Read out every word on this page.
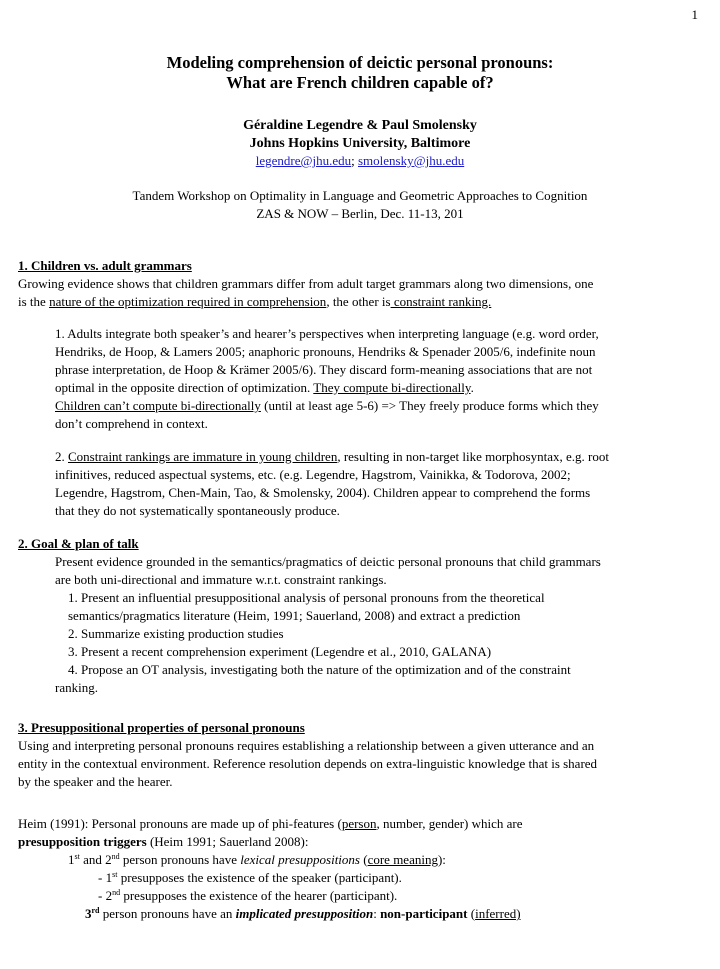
1
Modeling comprehension of deictic personal pronouns:
What are French children capable of?
Géraldine Legendre & Paul Smolensky
Johns Hopkins University, Baltimore
legendre@jhu.edu; smolensky@jhu.edu
Tandem Workshop on Optimality in Language and Geometric Approaches to Cognition
ZAS & NOW – Berlin, Dec. 11-13, 201
1. Children vs. adult grammars
Growing evidence shows that children grammars differ from adult target grammars along two dimensions, one
is the nature of the optimization required in comprehension, the other is constraint ranking.
1. Adults integrate both speaker’s and hearer’s perspectives when interpreting language (e.g. word order,
Hendriks, de Hoop, & Lamers 2005; anaphoric pronouns, Hendriks & Spenader 2005/6, indefinite noun
phrase interpretation, de Hoop & Krämer 2005/6). They discard form-meaning associations that are not
optimal in the opposite direction of optimization. They compute bi-directionally.
Children can’t compute bi-directionally (until at least age 5-6) => They freely produce forms which they
don’t comprehend in context.
2. Constraint rankings are immature in young children, resulting in non-target like morphosyntax, e.g. root
infinitives, reduced aspectual systems, etc. (e.g. Legendre, Hagstrom, Vainikka, & Todorova, 2002;
Legendre, Hagstrom, Chen-Main, Tao, & Smolensky, 2004). Children appear to comprehend the forms
that they do not systematically spontaneously produce.
2. Goal & plan of talk
Present evidence grounded in the semantics/pragmatics of deictic personal pronouns that child grammars
are both uni-directional and immature w.r.t. constraint rankings.
1. Present an influential presuppositional analysis of personal pronouns from the theoretical
semantics/pragmatics literature (Heim, 1991; Sauerland, 2008) and extract a prediction
2. Summarize existing production studies
3. Present a recent comprehension experiment (Legendre et al., 2010, GALANA)
4. Propose an OT analysis, investigating both the nature of the optimization and of the constraint
ranking.
3. Presuppositional properties of personal pronouns
Using and interpreting personal pronouns requires establishing a relationship between a given utterance and an
entity in the contextual environment. Reference resolution depends on extra-linguistic knowledge that is shared
by the speaker and the hearer.
Heim (1991): Personal pronouns are made up of phi-features (person, number, gender) which are
presupposition triggers (Heim 1991; Sauerland 2008):
1st and 2nd person pronouns have lexical presuppositions (core meaning):
- 1st presupposes the existence of the speaker (participant).
- 2nd presupposes the existence of the hearer (participant).
3rd person pronouns have an implicated presupposition: non-participant (inferred)
